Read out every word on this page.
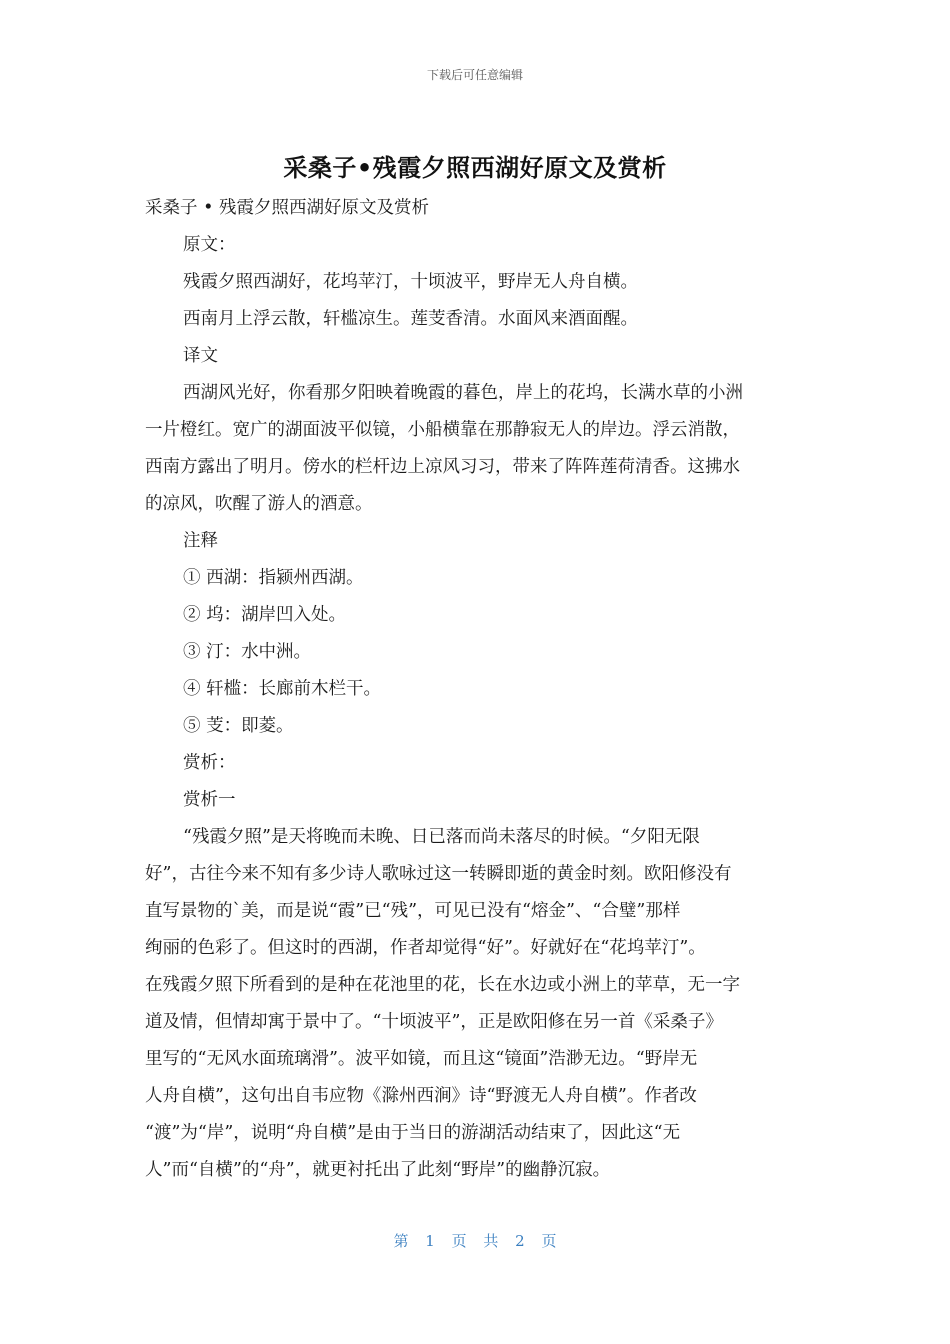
下载后可任意编辑
采桑子•残霞夕照西湖好原文及赏析

采桑子 • 残霞夕照西湖好原文及赏析

原文：

残霞夕照西湖好，花坞苹汀，十顷波平，野岸无人舟自横。

西南月上浮云散，轩槛凉生。莲芰香清。水面风来酒面醒。

译文

西湖风光好，你看那夕阳映着晚霞的暮色，岸上的花坞，长满水草的小洲
一片橙红。宽广的湖面波平似镜，小船横靠在那静寂无人的岸边。浮云消散，
西南方露出了明月。傍水的栏杆边上凉风习习，带来了阵阵莲荷清香。这拂水
的凉风，吹醒了游人的酒意。

注释

① 西湖：指颍州西湖。

② 坞：湖岸凹入处。

③ 汀：水中洲。

④ 轩槛：长廊前木栏干。

⑤ 芰：即菱。

赏析：

赏析一

“残霞夕照”是天将晚而未晚、日已落而尚未落尽的时候。“夕阳无限
好”，古往今来不知有多少诗人歌咏过这一转瞬即逝的黄金时刻。欧阳修没有
直写景物的`美，而是说“霞”已“残”，可见已没有“熔金”、“合璧”那样
绚丽的色彩了。但这时的西湖，作者却觉得“好”。好就好在“花坞苹汀”。
在残霞夕照下所看到的是种在花池里的花，长在水边或小洲上的苹草，无一字
道及情，但情却寓于景中了。“十顷波平”，正是欧阳修在另一首《采桑子》
里写的“无风水面琉璃滑”。波平如镜，而且这“镜面”浩渺无边。“野岸无
人舟自横”，这句出自韦应物《滁州西涧》诗“野渡无人舟自横”。作者改
“渡”为“岸”，说明“舟自横”是由于当日的游湖活动结束了，因此这“无
人”而“自横”的“舟”，就更衬托出了此刻“野岸”的幽静沉寂。
第 1 页 共 2 页
